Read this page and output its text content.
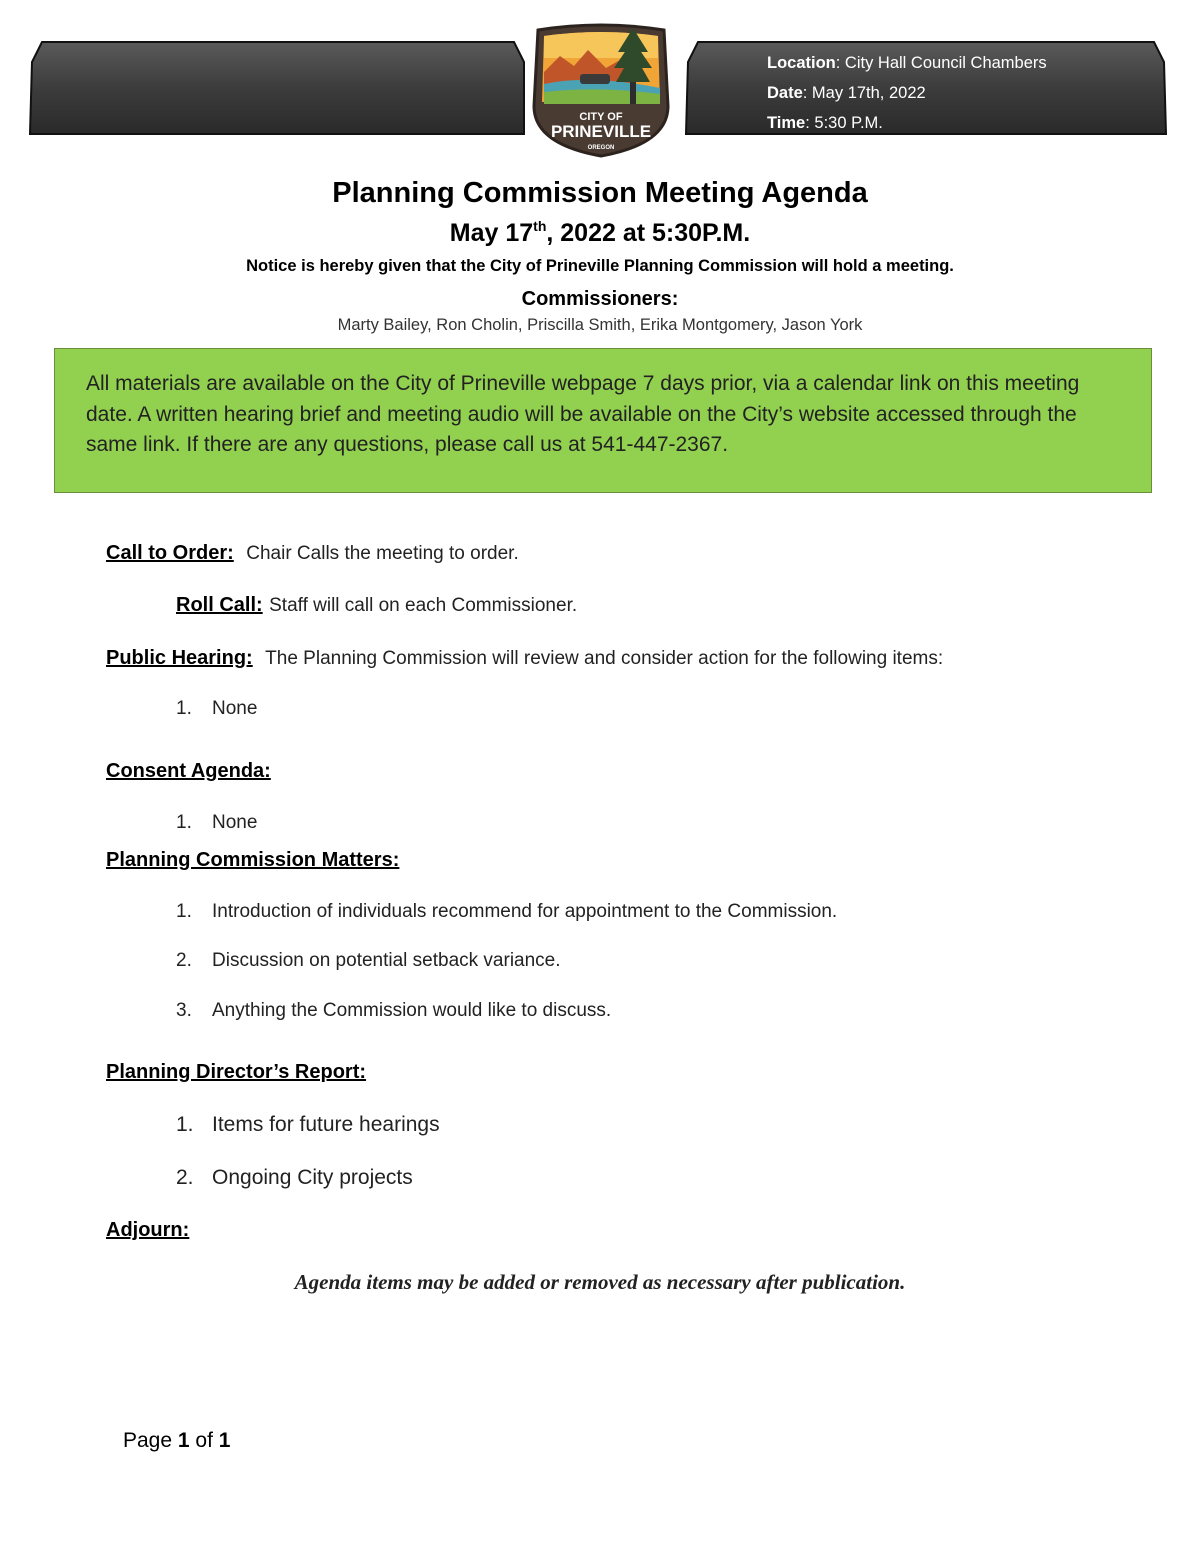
Location: City Hall Council Chambers
Date: May 17th, 2022
Time: 5:30 P.M.
CITY OF
PRINEVILLE
OREGON
Planning Commission Meeting Agenda
May 17th, 2022 at 5:30P.M.
Notice is hereby given that the City of Prineville Planning Commission will hold a meeting.
Commissioners:
Marty Bailey, Ron Cholin, Priscilla Smith, Erika Montgomery, Jason York
All materials are available on the City of Prineville webpage 7 days prior, via a calendar link on this meeting date. A written hearing brief and meeting audio will be available on the City’s website accessed through the same link. If there are any questions, please call us at 541-447-2367.
Call to Order: Chair Calls the meeting to order.
Roll Call: Staff will call on each Commissioner.
Public Hearing: The Planning Commission will review and consider action for the following items:
1. None
Consent Agenda:
1. None
Planning Commission Matters:
1. Introduction of individuals recommend for appointment to the Commission.
2. Discussion on potential setback variance.
3. Anything the Commission would like to discuss.
Planning Director’s Report:
1. Items for future hearings
2. Ongoing City projects
Adjourn:
Agenda items may be added or removed as necessary after publication.
Page 1 of 1
